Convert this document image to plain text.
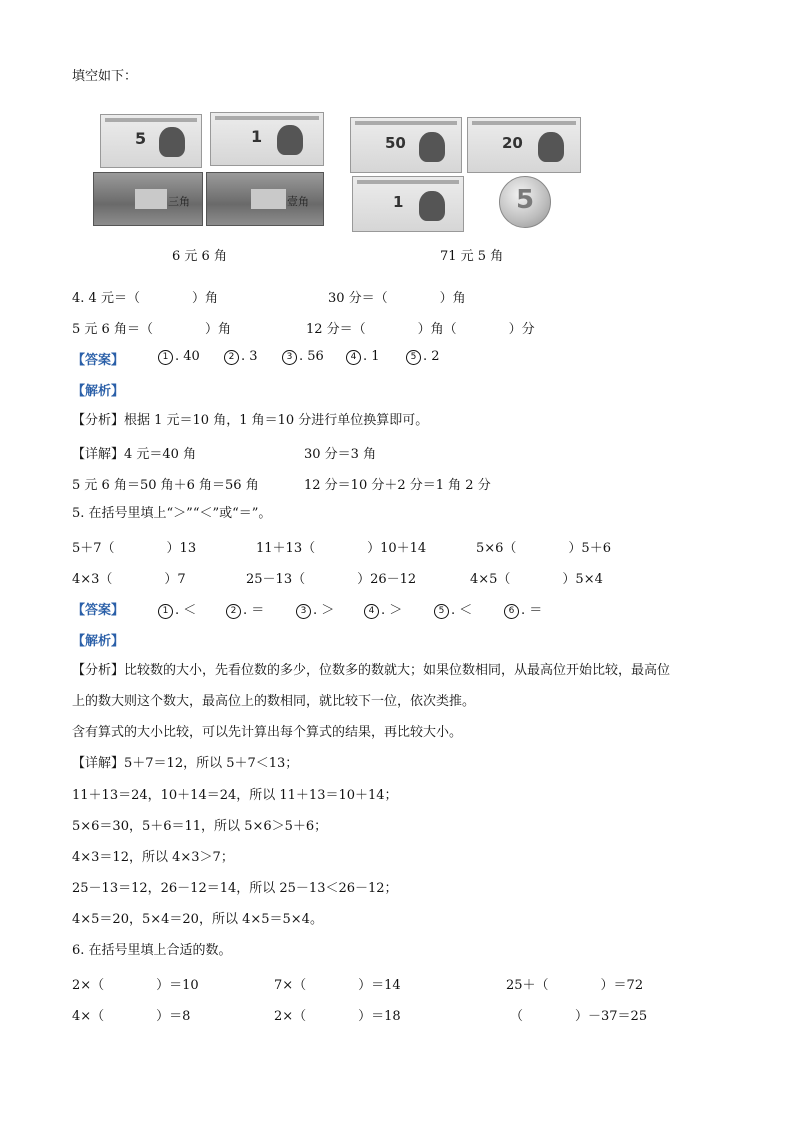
填空如下：
5	1
三角	壹角
50	20
1	5
6 元 6 角	71 元 5 角
4. 4 元＝（　　　　）角	30 分＝（　　　　）角
5 元 6 角＝（　　　　）角	12 分＝（　　　　）角（　　　　）分
【答案】	1 . 40	2 . 3	3 . 56	4 . 1	5 . 2
【解析】
【分析】根据 1 元＝10 角，1 角＝10 分进行单位换算即可。
【详解】4 元＝40 角	30 分＝3 角
5 元 6 角＝50 角＋6 角＝56 角	12 分＝10 分＋2 分＝1 角 2 分
5. 在括号里填上“＞”“＜”或“＝”。
5＋7（　　　　）13	11＋13（　　　　）10＋14	5×6（　　　　）5＋6
4×3（　　　　）7	25－13（　　　　）26－12	4×5（　　　　）5×4
【答案】	1 . ＜	2 . ＝	3 . ＞	4 . ＞	5 . ＜	6 . ＝
【解析】
【分析】比较数的大小，先看位数的多少，位数多的数就大；如果位数相同，从最高位开始比较，最高位
上的数大则这个数大，最高位上的数相同，就比较下一位，依次类推。
含有算式的大小比较，可以先计算出每个算式的结果，再比较大小。
【详解】5＋7＝12，所以 5＋7＜13；
11＋13＝24，10＋14＝24，所以 11＋13＝10＋14；
5×6＝30，5＋6＝11，所以 5×6＞5＋6；
4×3＝12，所以 4×3＞7；
25－13＝12，26－12＝14，所以 25－13＜26－12；
4×5＝20，5×4＝20，所以 4×5＝5×4。
6. 在括号里填上合适的数。
2×（　　　　）＝10	7×（　　　　）＝14	25＋（　　　　）＝72
4×（　　　　）＝8	2×（　　　　）＝18	（　　　　）－37＝25
